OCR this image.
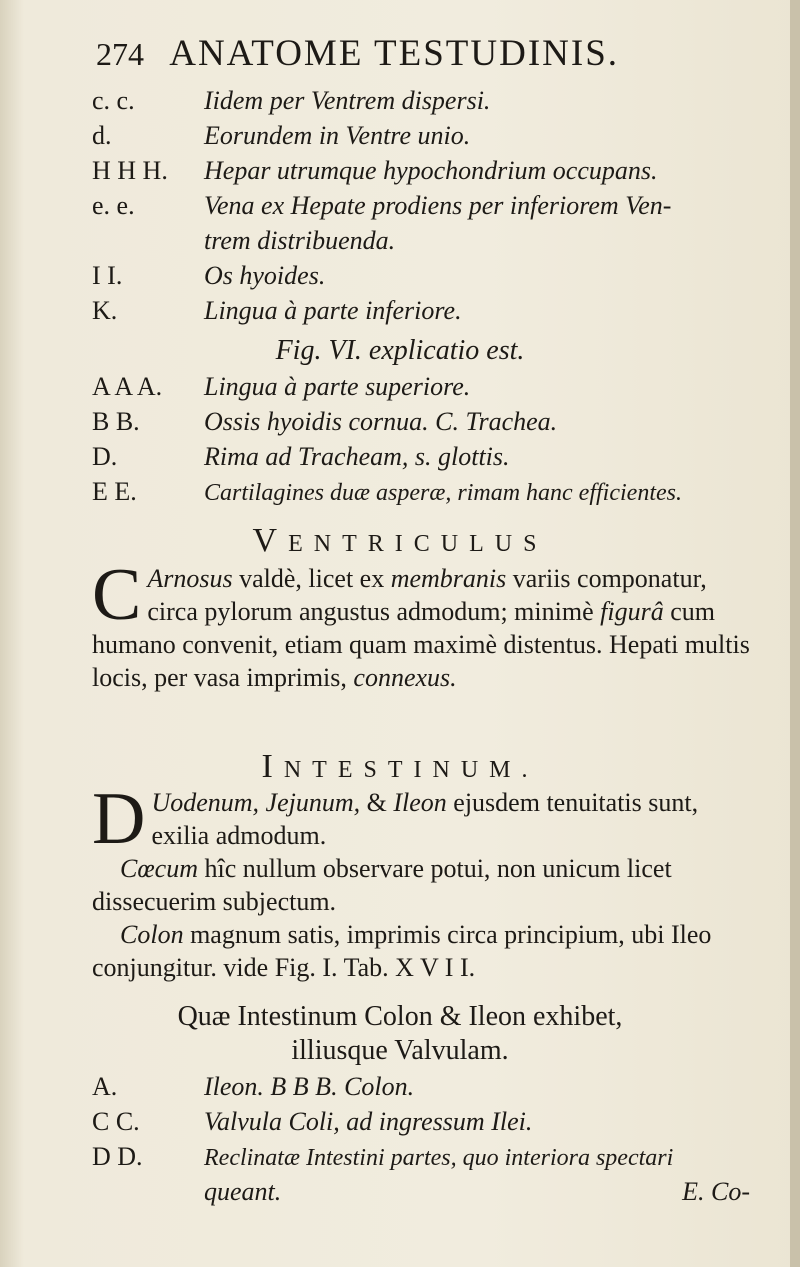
274 ANATOME TESTUDINIS.
c. c.	Iidem per Ventrem dispersi.
d.	Eorundem in Ventre unio.
H H H.	Hepar utrumque hypochondrium occupans.
e. e.	Vena ex Hepate prodiens per inferiorem Ven-
trem distribuenda.
I I.	Os hyoides.
K.	Lingua à parte inferiore.
Fig. VI. explicatio est.
A A A.	Lingua à parte superiore.
B B.	Ossis hyoidis cornua. C. Trachea.
D.	Rima ad Tracheam, s. glottis.
E E.	Cartilagines duæ asperæ, rimam hanc efficientes.
VENTRICULUS
C Arnosus valdè, licet ex membranis variis componatur, circa pylorum angustus admodum; minimè figurâ cum humano convenit, etiam quam maximè distentus. Hepati multis locis, per vasa imprimis, connexus.
INTESTINUM.
D Uodenum, Jejunum, & Ileon ejusdem tenuitatis sunt, exilia admodum.
Cœcum hîc nullum observare potui, non unicum licet dissecuerim subjectum.
Colon magnum satis, imprimis circa principium, ubi Ileo conjungitur. vide Fig. I. Tab. X V I I.
Quæ Intestinum Colon & Ileon exhibet,
illiusque Valvulam.
A.	Ileon. B B B. Colon.
C C.	Valvula Coli, ad ingressum Ilei.
D D.	Reclinatæ Intestini partes, quo interiora spectari
queant.	E. Co-
